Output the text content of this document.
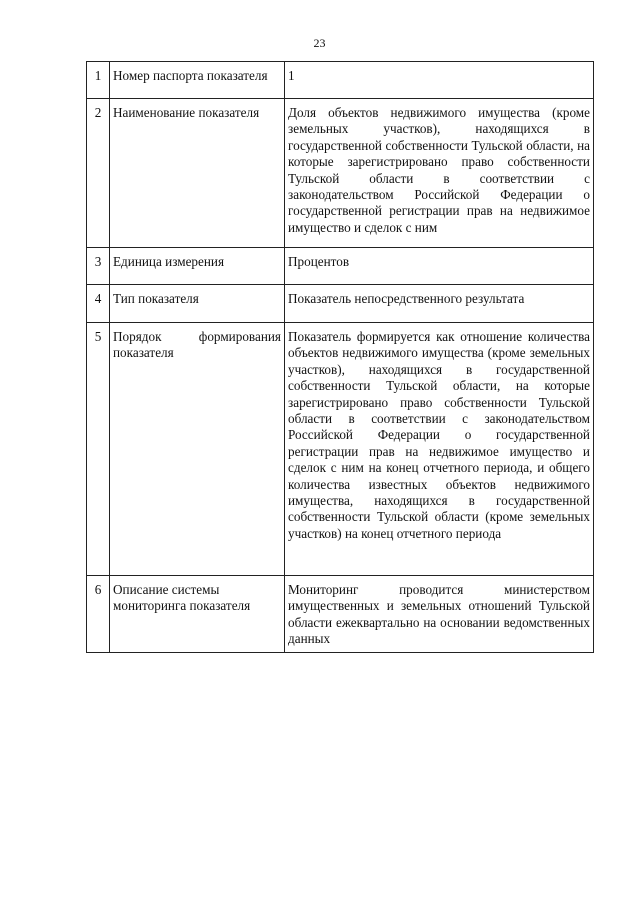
23
1	Номер паспорта показателя	1
2	Наименование показателя	Доля объектов недвижимого имущества (кроме земельных участков), находящихся в государственной собственности Тульской области, на которые зарегистрировано право собственности Тульской области в соответствии с законодательством Российской Федерации о государственной регистрации прав на недвижимое имущество и сделок с ним
3	Единица измерения	Процентов
4	Тип показателя	Показатель непосредственного результата
5	Порядок формирования показателя	Показатель формируется как отношение количества объектов недвижимого имущества (кроме земельных участков), находящихся в государственной собственности Тульской области, на которые зарегистрировано право собственности Тульской области в соответствии с законодательством Российской Федерации о государственной регистрации прав на недвижимое имущество и сделок с ним на конец отчетного периода, и общего количества известных объектов недвижимого имущества, находящихся в государственной собственности Тульской области (кроме земельных участков) на конец отчетного периода
6	Описание системы мониторинга показателя	Мониторинг проводится министерством имущественных и земельных отношений Тульской области ежеквартально на основании ведомственных данных
